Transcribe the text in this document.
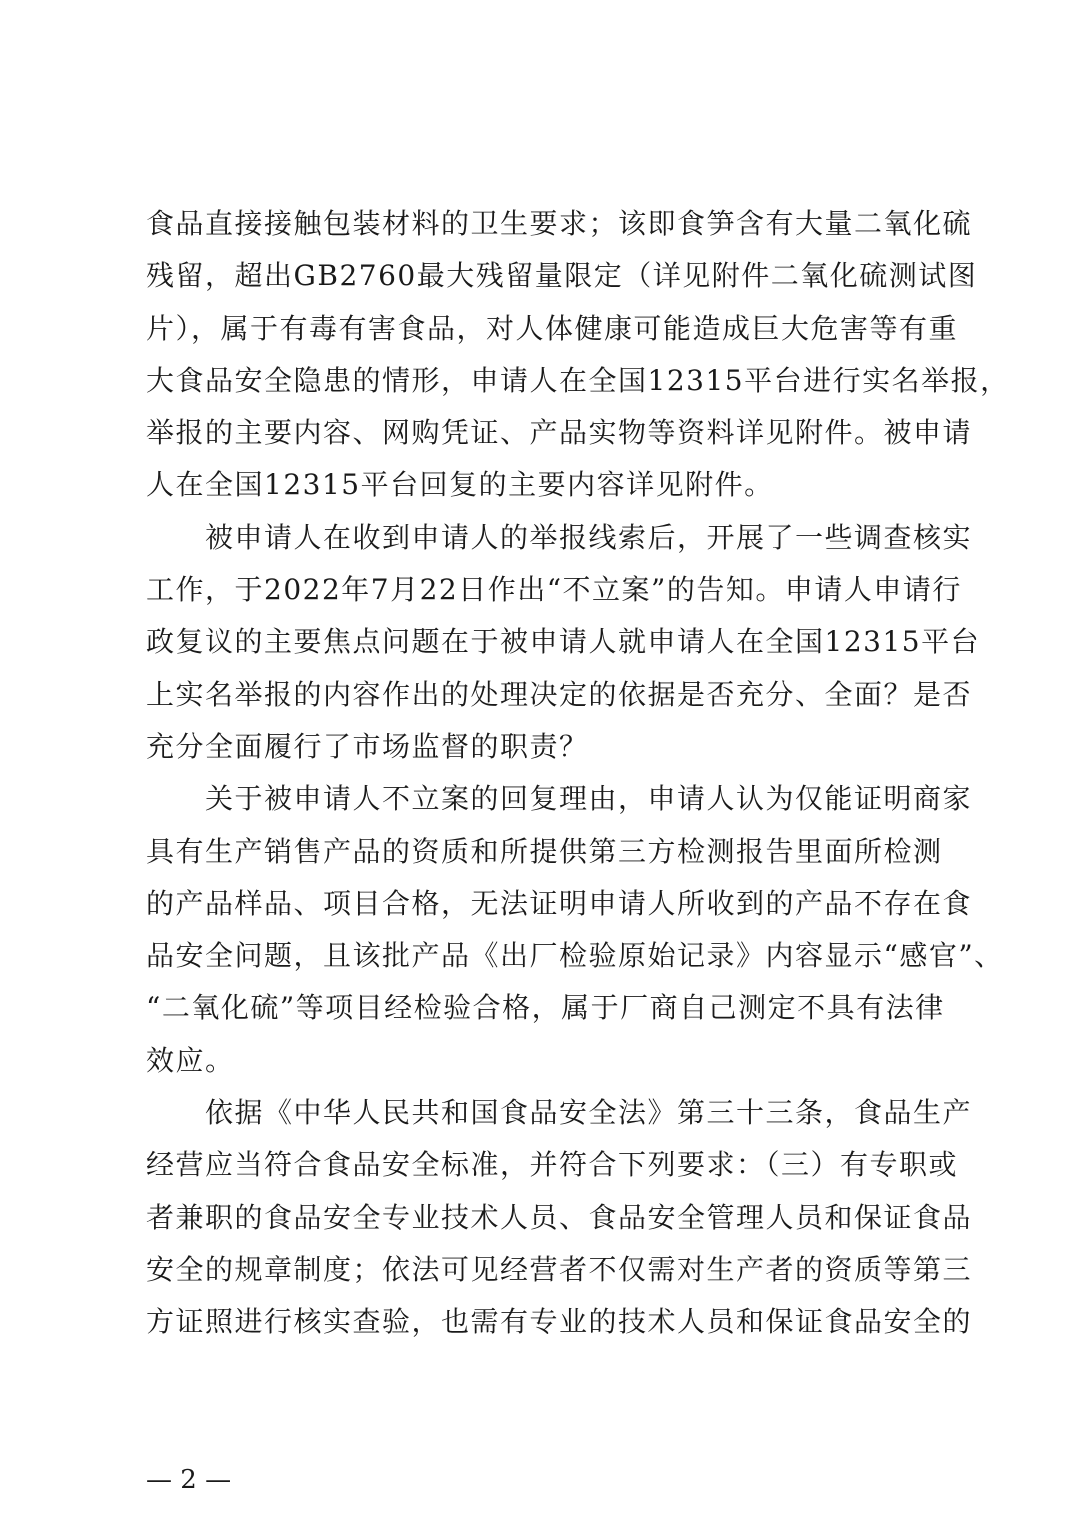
食品直接接触包装材料的卫生要求；该即食笋含有大量二氧化硫
残留，超出GB2760最大残留量限定（详见附件二氧化硫测试图
片），属于有毒有害食品，对人体健康可能造成巨大危害等有重
大食品安全隐患的情形，申请人在全国12315平台进行实名举报，
举报的主要内容、网购凭证、产品实物等资料详见附件。被申请
人在全国12315平台回复的主要内容详见附件。
　　被申请人在收到申请人的举报线索后，开展了一些调查核实
工作，于2022年7月22日作出“不立案”的告知。申请人申请行
政复议的主要焦点问题在于被申请人就申请人在全国12315平台
上实名举报的内容作出的处理决定的依据是否充分、全面？是否
充分全面履行了市场监督的职责？
　　关于被申请人不立案的回复理由，申请人认为仅能证明商家
具有生产销售产品的资质和所提供第三方检测报告里面所检测
的产品样品、项目合格，无法证明申请人所收到的产品不存在食
品安全问题，且该批产品《出厂检验原始记录》内容显示“感官”、
“二氧化硫”等项目经检验合格，属于厂商自己测定不具有法律
效应。
　　依据《中华人民共和国食品安全法》第三十三条，食品生产
经营应当符合食品安全标准，并符合下列要求：（三）有专职或
者兼职的食品安全专业技术人员、食品安全管理人员和保证食品
安全的规章制度；依法可见经营者不仅需对生产者的资质等第三
方证照进行核实查验，也需有专业的技术人员和保证食品安全的
— 2 —
